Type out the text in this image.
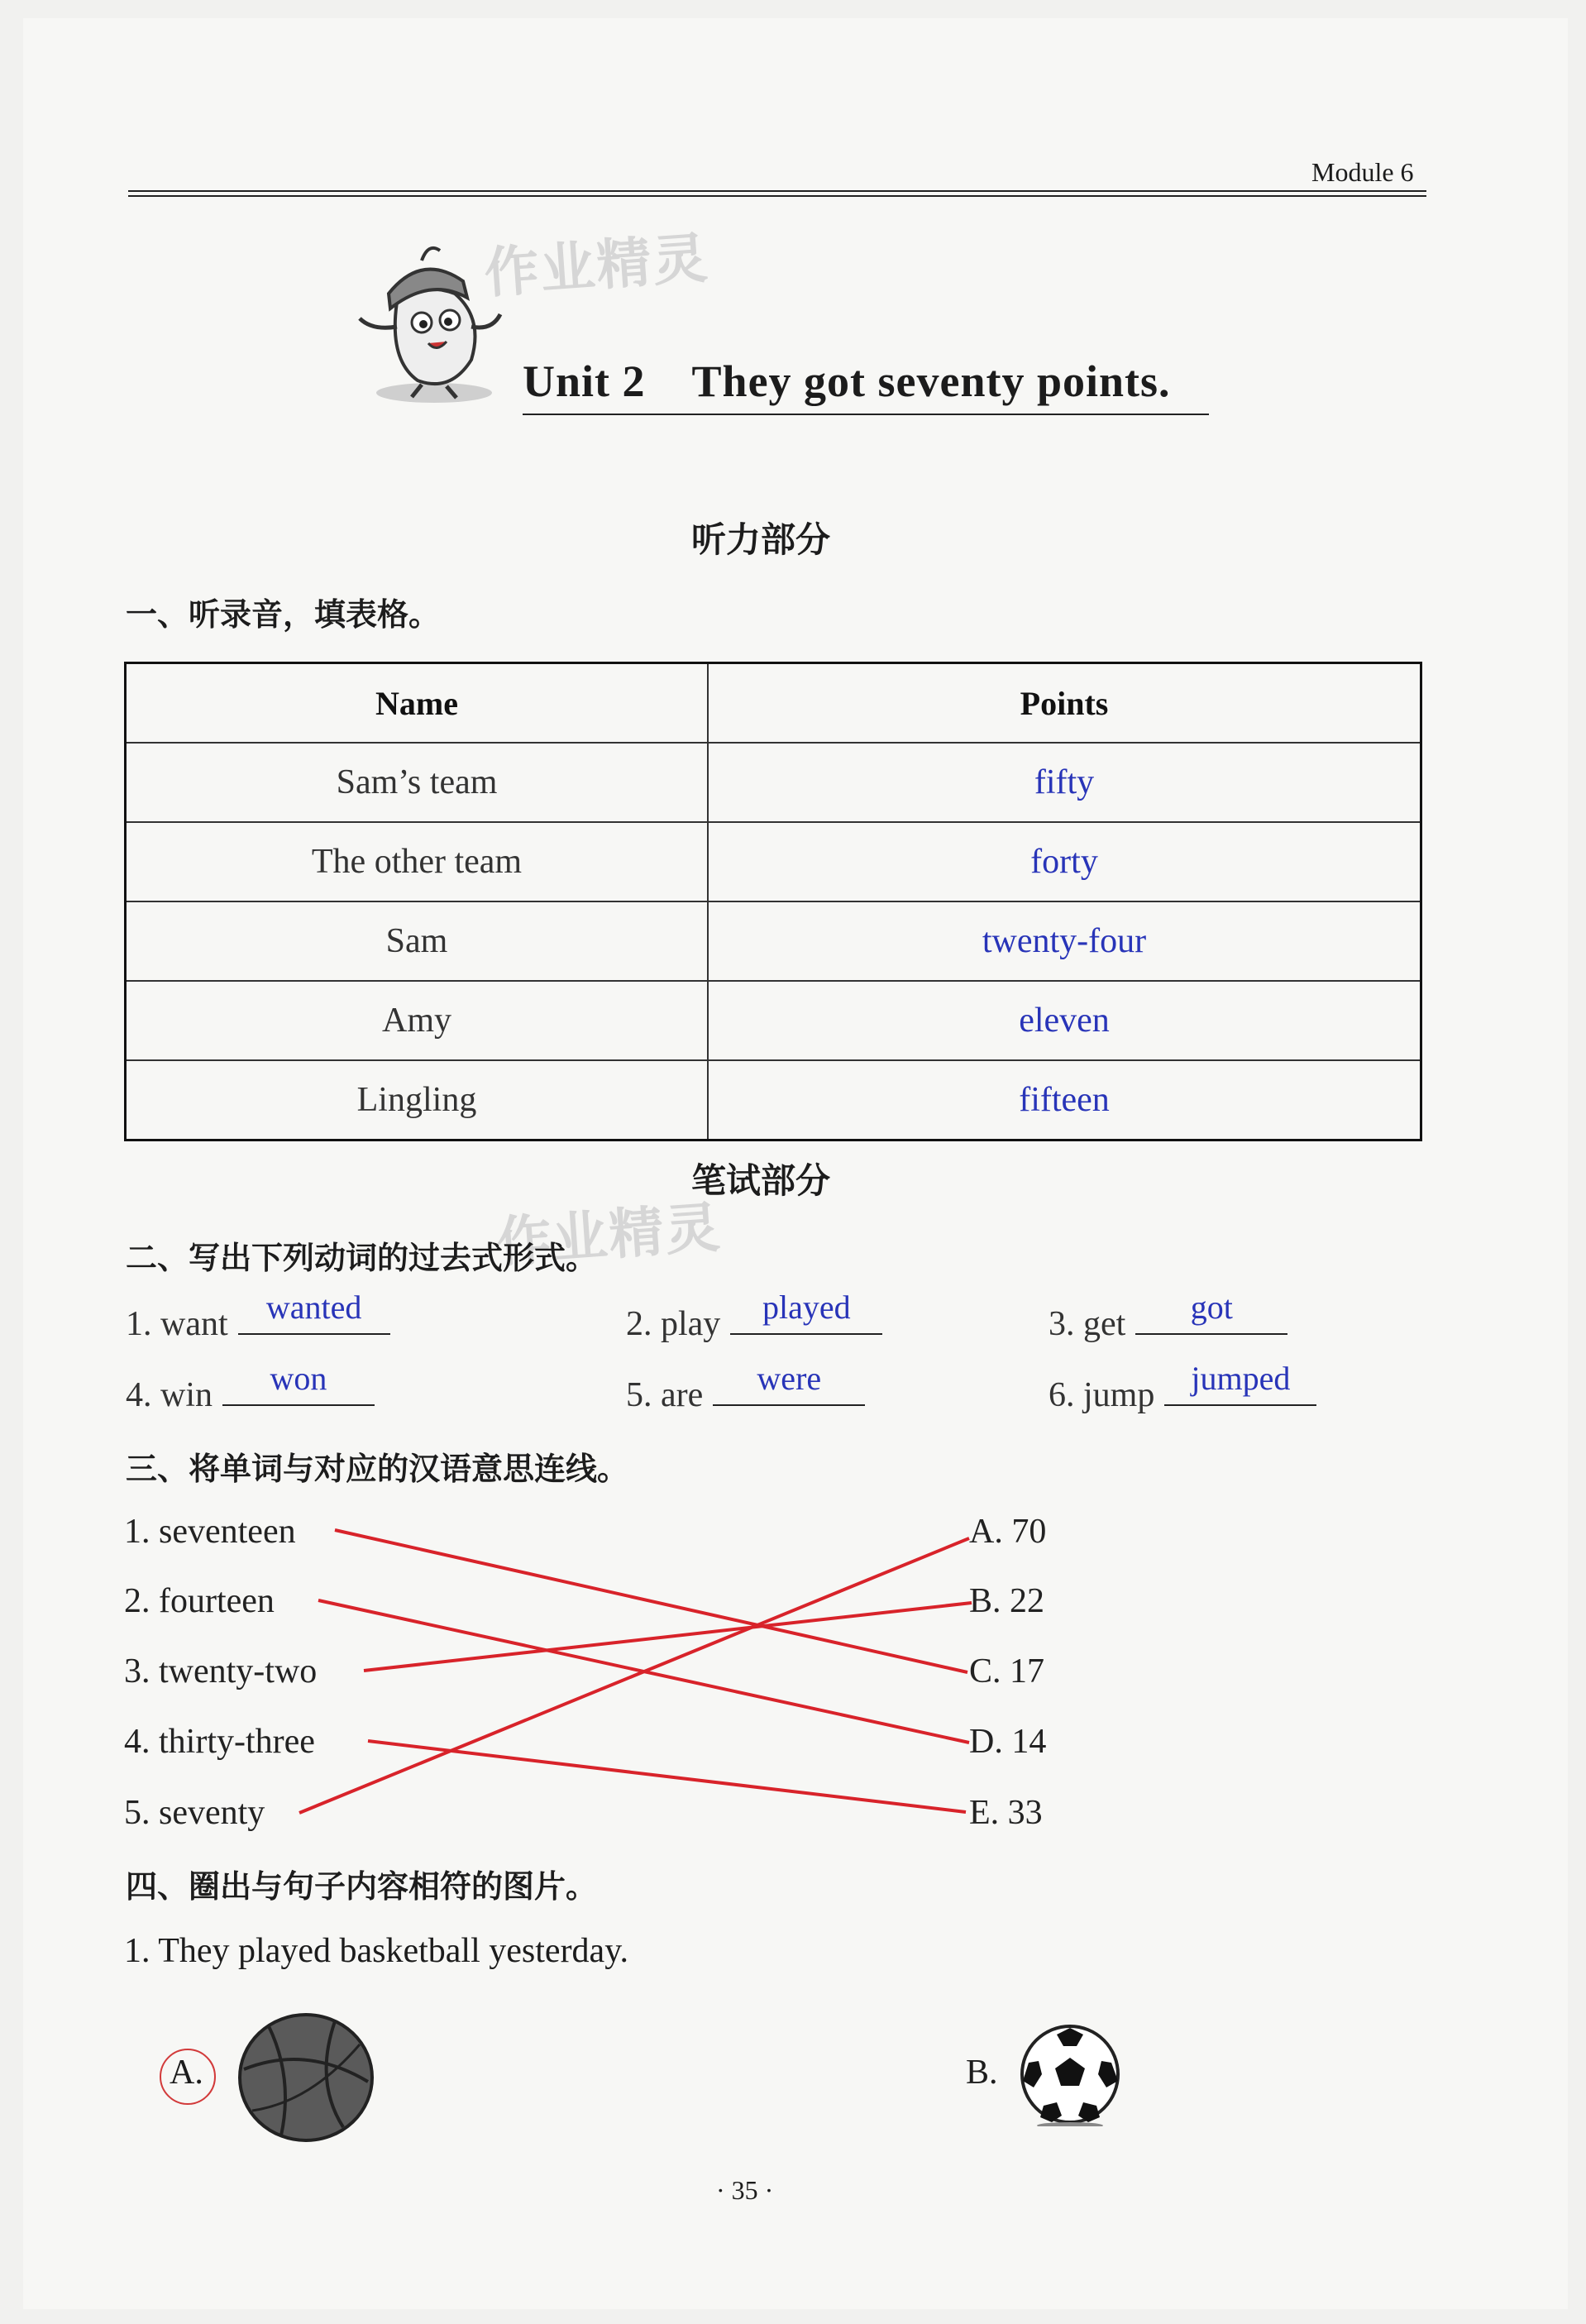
Module 6
作业精灵
作业精灵
Unit 2 They got seventy points.
听力部分
一、听录音，填表格。
Name	Points
Sam’s team	fifty
The other team	forty
Sam	twenty-four
Amy	eleven
Lingling	fifteen
笔试部分
二、写出下列动词的过去式形式。
1. want	wanted	2. play	played	3. get	got
4. win	won	5. are	were	6. jump	jumped
三、将单词与对应的汉语意思连线。
1. seventeen
2. fourteen
3. twenty-two
4. thirty-three
5. seventy
A. 70
B. 22
C. 17
D. 14
E. 33
四、圈出与句子内容相符的图片。
1. They played basketball yesterday.
A.	B.
· 35 ·
